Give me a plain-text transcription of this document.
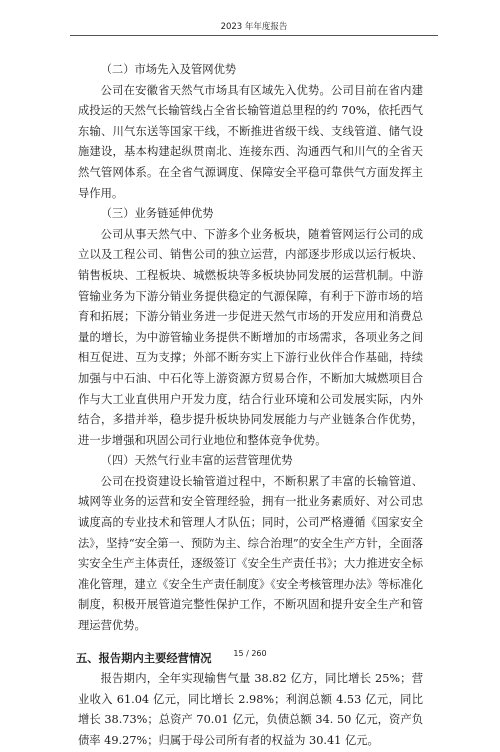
2023 年年度报告

（二）市场先入及管网优势

公司在安徽省天然气市场具有区域先入优势。公司目前在省内建成投运的天然气长输管线占全省长输管道总里程的约 70%，依托西气东输、川气东送等国家干线，不断推进省级干线、支线管道、储气设施建设，基本构建起纵贯南北、连接东西、沟通西气和川气的全省天然气管网体系。在全省气源调度、保障安全平稳可靠供气方面发挥主导作用。

（三）业务链延伸优势

公司从事天然气中、下游多个业务板块，随着管网运行公司的成立以及工程公司、销售公司的独立运营，内部逐步形成以运行板块、销售板块、工程板块、城燃板块等多板块协同发展的运营机制。中游管输业务为下游分销业务提供稳定的气源保障，有利于下游市场的培育和拓展；下游分销业务进一步促进天然气市场的开发应用和消费总量的增长，为中游管输业务提供不断增加的市场需求，各项业务之间相互促进、互为支撑；外部不断夯实上下游行业伙伴合作基础，持续加强与中石油、中石化等上游资源方贸易合作，不断加大城燃项目合作与大工业直供用户开发力度，结合行业环境和公司发展实际，内外结合，多措并举，稳步提升板块协同发展能力与产业链条合作优势，进一步增强和巩固公司行业地位和整体竞争优势。

（四）天然气行业丰富的运营管理优势

公司在投资建设长输管道过程中，不断积累了丰富的长输管道、城网等业务的运营和安全管理经验，拥有一批业务素质好、对公司忠诚度高的专业技术和管理人才队伍；同时，公司严格遵循《国家安全法》，坚持“安全第一、预防为主、综合治理”的安全生产方针，全面落实安全生产主体责任，逐级签订《安全生产责任书》；大力推进安全标准化管理，建立《安全生产责任制度》《安全考核管理办法》等标准化制度，积极开展管道完整性保护工作，不断巩固和提升安全生产和管理运营优势。

五、报告期内主要经营情况

报告期内，全年实现输售气量 38.82 亿方，同比增长 25%；营业收入 61.04 亿元，同比增长 2.98%；利润总额 4.53 亿元，同比增长 38.73%；总资产 70.01 亿元，负债总额 34. 50 亿元，资产负债率 49.27%；归属于母公司所有者的权益为 30.41 亿元。

15 / 260
